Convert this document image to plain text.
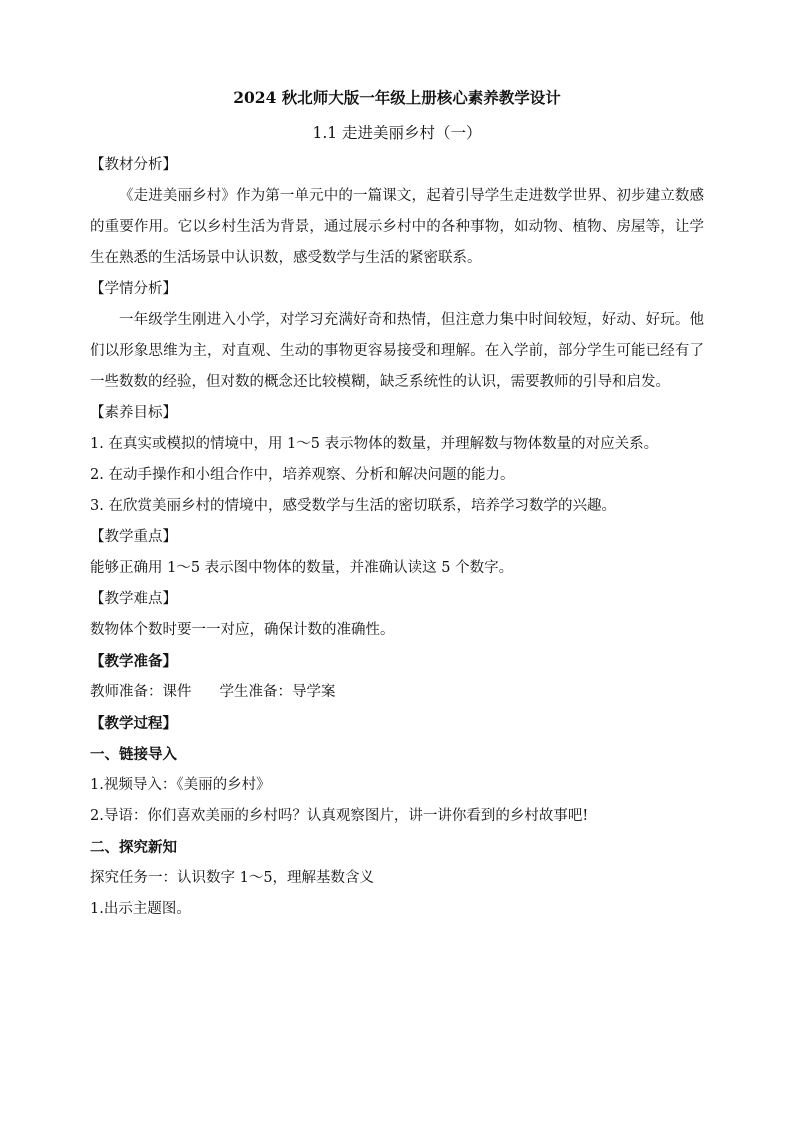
2024 秋北师大版一年级上册核心素养教学设计

1.1 走进美丽乡村（一）

【教材分析】

《走进美丽乡村》作为第一单元中的一篇课文，起着引导学生走进数学世界、初步建立数感的重要作用。它以乡村生活为背景，通过展示乡村中的各种事物，如动物、植物、房屋等，让学生在熟悉的生活场景中认识数，感受数学与生活的紧密联系。

【学情分析】

一年级学生刚进入小学，对学习充满好奇和热情，但注意力集中时间较短，好动、好玩。他们以形象思维为主，对直观、生动的事物更容易接受和理解。在入学前，部分学生可能已经有了一些数数的经验，但对数的概念还比较模糊，缺乏系统性的认识，需要教师的引导和启发。

【素养目标】

1. 在真实或模拟的情境中，用 1～5 表示物体的数量，并理解数与物体数量的对应关系。

2. 在动手操作和小组合作中，培养观察、分析和解决问题的能力。

3. 在欣赏美丽乡村的情境中，感受数学与生活的密切联系，培养学习数学的兴趣。

【教学重点】

能够正确用 1～5 表示图中物体的数量，并准确认读这 5 个数字。

【教学难点】

数物体个数时要一一对应，确保计数的准确性。

【教学准备】

教师准备：课件 学生准备：导学案

【教学过程】

一、链接导入

1.视频导入：《美丽的乡村》

2.导语：你们喜欢美丽的乡村吗？认真观察图片，讲一讲你看到的乡村故事吧!

二、探究新知

探究任务一：认识数字 1～5，理解基数含义

1.出示主题图。
